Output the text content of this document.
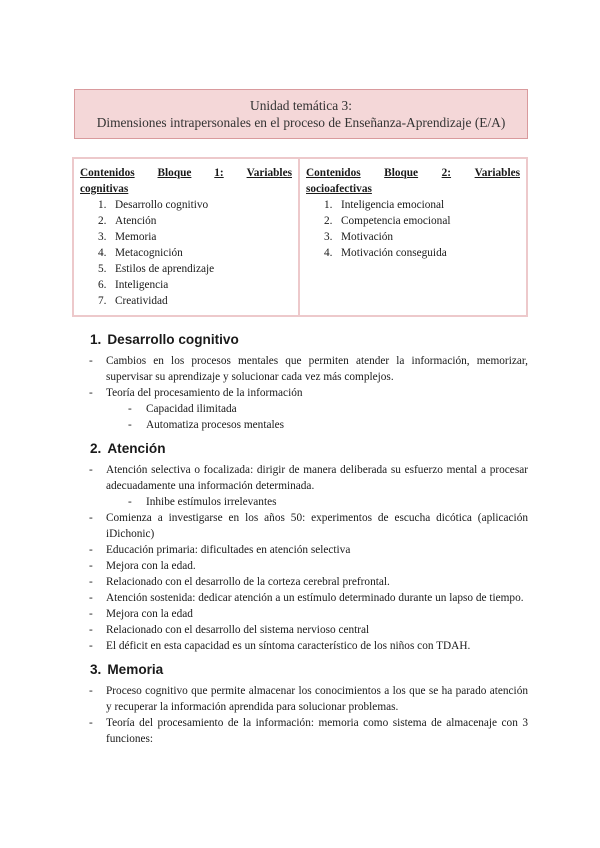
Unidad temática 3:
Dimensiones intrapersonales en el proceso de Enseñanza-Aprendizaje (E/A)
Contenidos Bloque 1: Variables
cognitivas
1. Desarrollo cognitivo
2. Atención
3. Memoria
4. Metacognición
5. Estilos de aprendizaje
6. Inteligencia
7. Creatividad
Contenidos Bloque 2: Variables
socioafectivas
1. Inteligencia emocional
2. Competencia emocional
3. Motivación
4. Motivación conseguida
1. Desarrollo cognitivo
- Cambios en los procesos mentales que permiten atender la información, memorizar, supervisar su aprendizaje y solucionar cada vez más complejos.
- Teoría del procesamiento de la información
- Capacidad ilimitada
- Automatiza procesos mentales
2. Atención
- Atención selectiva o focalizada: dirigir de manera deliberada su esfuerzo mental a procesar adecuadamente una información determinada.
- Inhibe estímulos irrelevantes
- Comienza a investigarse en los años 50: experimentos de escucha dicótica (aplicación iDichonic)
- Educación primaria: dificultades en atención selectiva
- Mejora con la edad.
- Relacionado con el desarrollo de la corteza cerebral prefrontal.
- Atención sostenida: dedicar atención a un estímulo determinado durante un lapso de tiempo.
- Mejora con la edad
- Relacionado con el desarrollo del sistema nervioso central
- El déficit en esta capacidad es un síntoma característico de los niños con TDAH.
3. Memoria
- Proceso cognitivo que permite almacenar los conocimientos a los que se ha parado atención y recuperar la información aprendida para solucionar problemas.
- Teoría del procesamiento de la información: memoria como sistema de almacenaje con 3 funciones:
